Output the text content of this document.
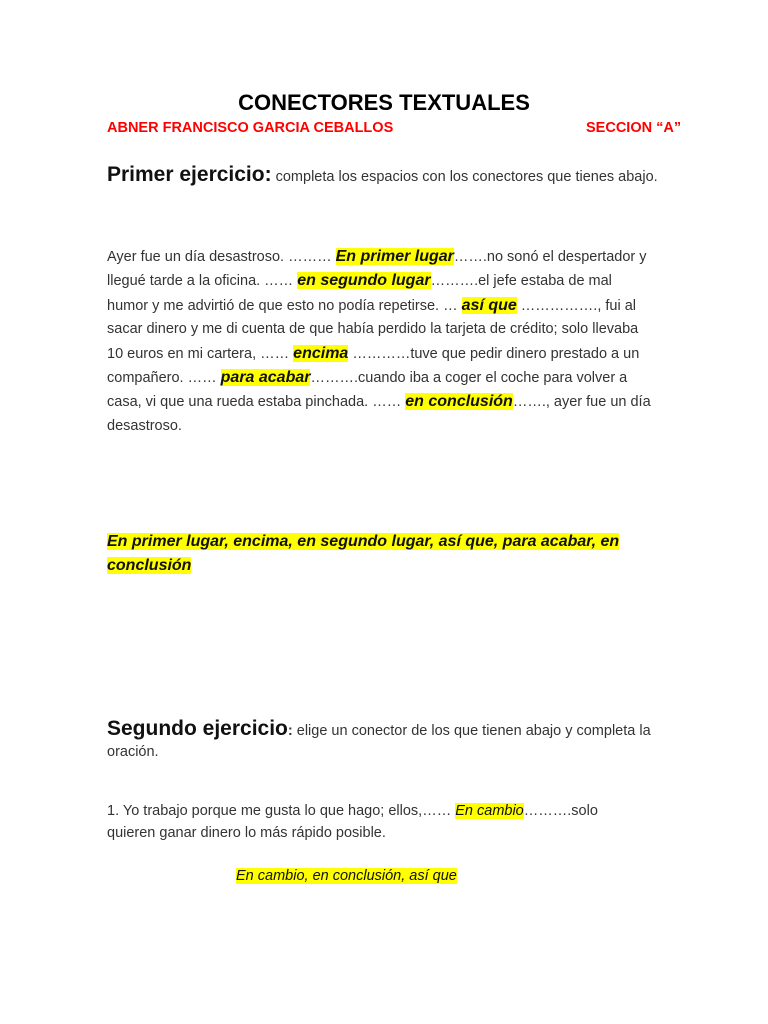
CONECTORES TEXTUALES
ABNER FRANCISCO GARCIA CEBALLOS	SECCION “A”
Primer ejercicio: completa los espacios con los conectores que tienes abajo.

Ayer fue un día desastroso. ……… En primer lugar…….no sonó el despertador y llegué tarde a la oficina. …… en segundo lugar……….el jefe estaba de mal humor y me advirtió de que esto no podía repetirse. … así que ……………., fui al sacar dinero y me di cuenta de que había perdido la tarjeta de crédito; solo llevaba 10 euros en mi cartera, …… encima …………tuve que pedir dinero prestado a un compañero. …… para acabar……….cuando iba a coger el coche para volver a casa, vi que una rueda estaba pinchada. …… en conclusión……., ayer fue un día desastroso.

En primer lugar, encima, en segundo lugar, así que, para acabar, en conclusión
Segundo ejercicio: elige un conector de los que tienen abajo y completa la oración.
1. Yo trabajo porque me gusta lo que hago; ellos,…… En cambio……….solo quieren ganar dinero lo más rápido posible.
En cambio, en conclusión, así que
